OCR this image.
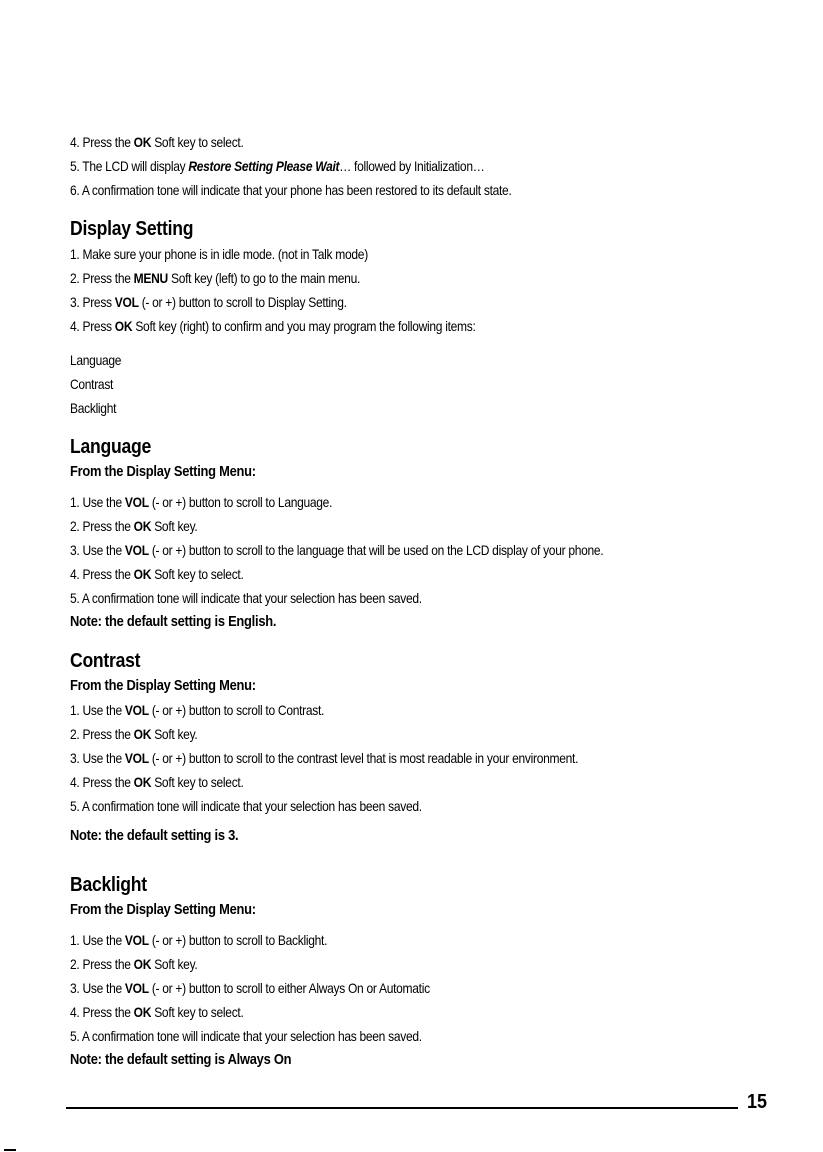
4. Press the OK Soft key to select.
5. The LCD will display Restore Setting Please Wait… followed by Initialization…
6. A confirmation tone will indicate that your phone has been restored to its default state.
Display Setting
1. Make sure your phone is in idle mode. (not in Talk mode)
2. Press the MENU Soft key (left) to go to the main menu.
3. Press VOL (- or +) button to scroll to Display Setting.
4. Press OK Soft key (right) to confirm and you may program the following items:
Language
Contrast
Backlight
Language
From the Display Setting Menu:
1. Use the VOL (- or +) button to scroll to Language.
2. Press the OK Soft key.
3. Use the VOL (- or +) button to scroll to the language that will be used on the LCD display of your phone.
4. Press the OK Soft key to select.
5. A confirmation tone will indicate that your selection has been saved.
Note: the default setting is English.
Contrast
From the Display Setting Menu:
1. Use the VOL (- or +) button to scroll to Contrast.
2. Press the OK Soft key.
3. Use the VOL (- or +) button to scroll to the contrast level that is most readable in your environment.
4. Press the OK Soft key to select.
5. A confirmation tone will indicate that your selection has been saved.
Note: the default setting is 3.
Backlight
From the Display Setting Menu:
1. Use the VOL (- or +) button to scroll to Backlight.
2. Press the OK Soft key.
3. Use the VOL (- or +) button to scroll to either Always On or Automatic
4. Press the OK Soft key to select.
5. A confirmation tone will indicate that your selection has been saved.
Note: the default setting is Always On
15
